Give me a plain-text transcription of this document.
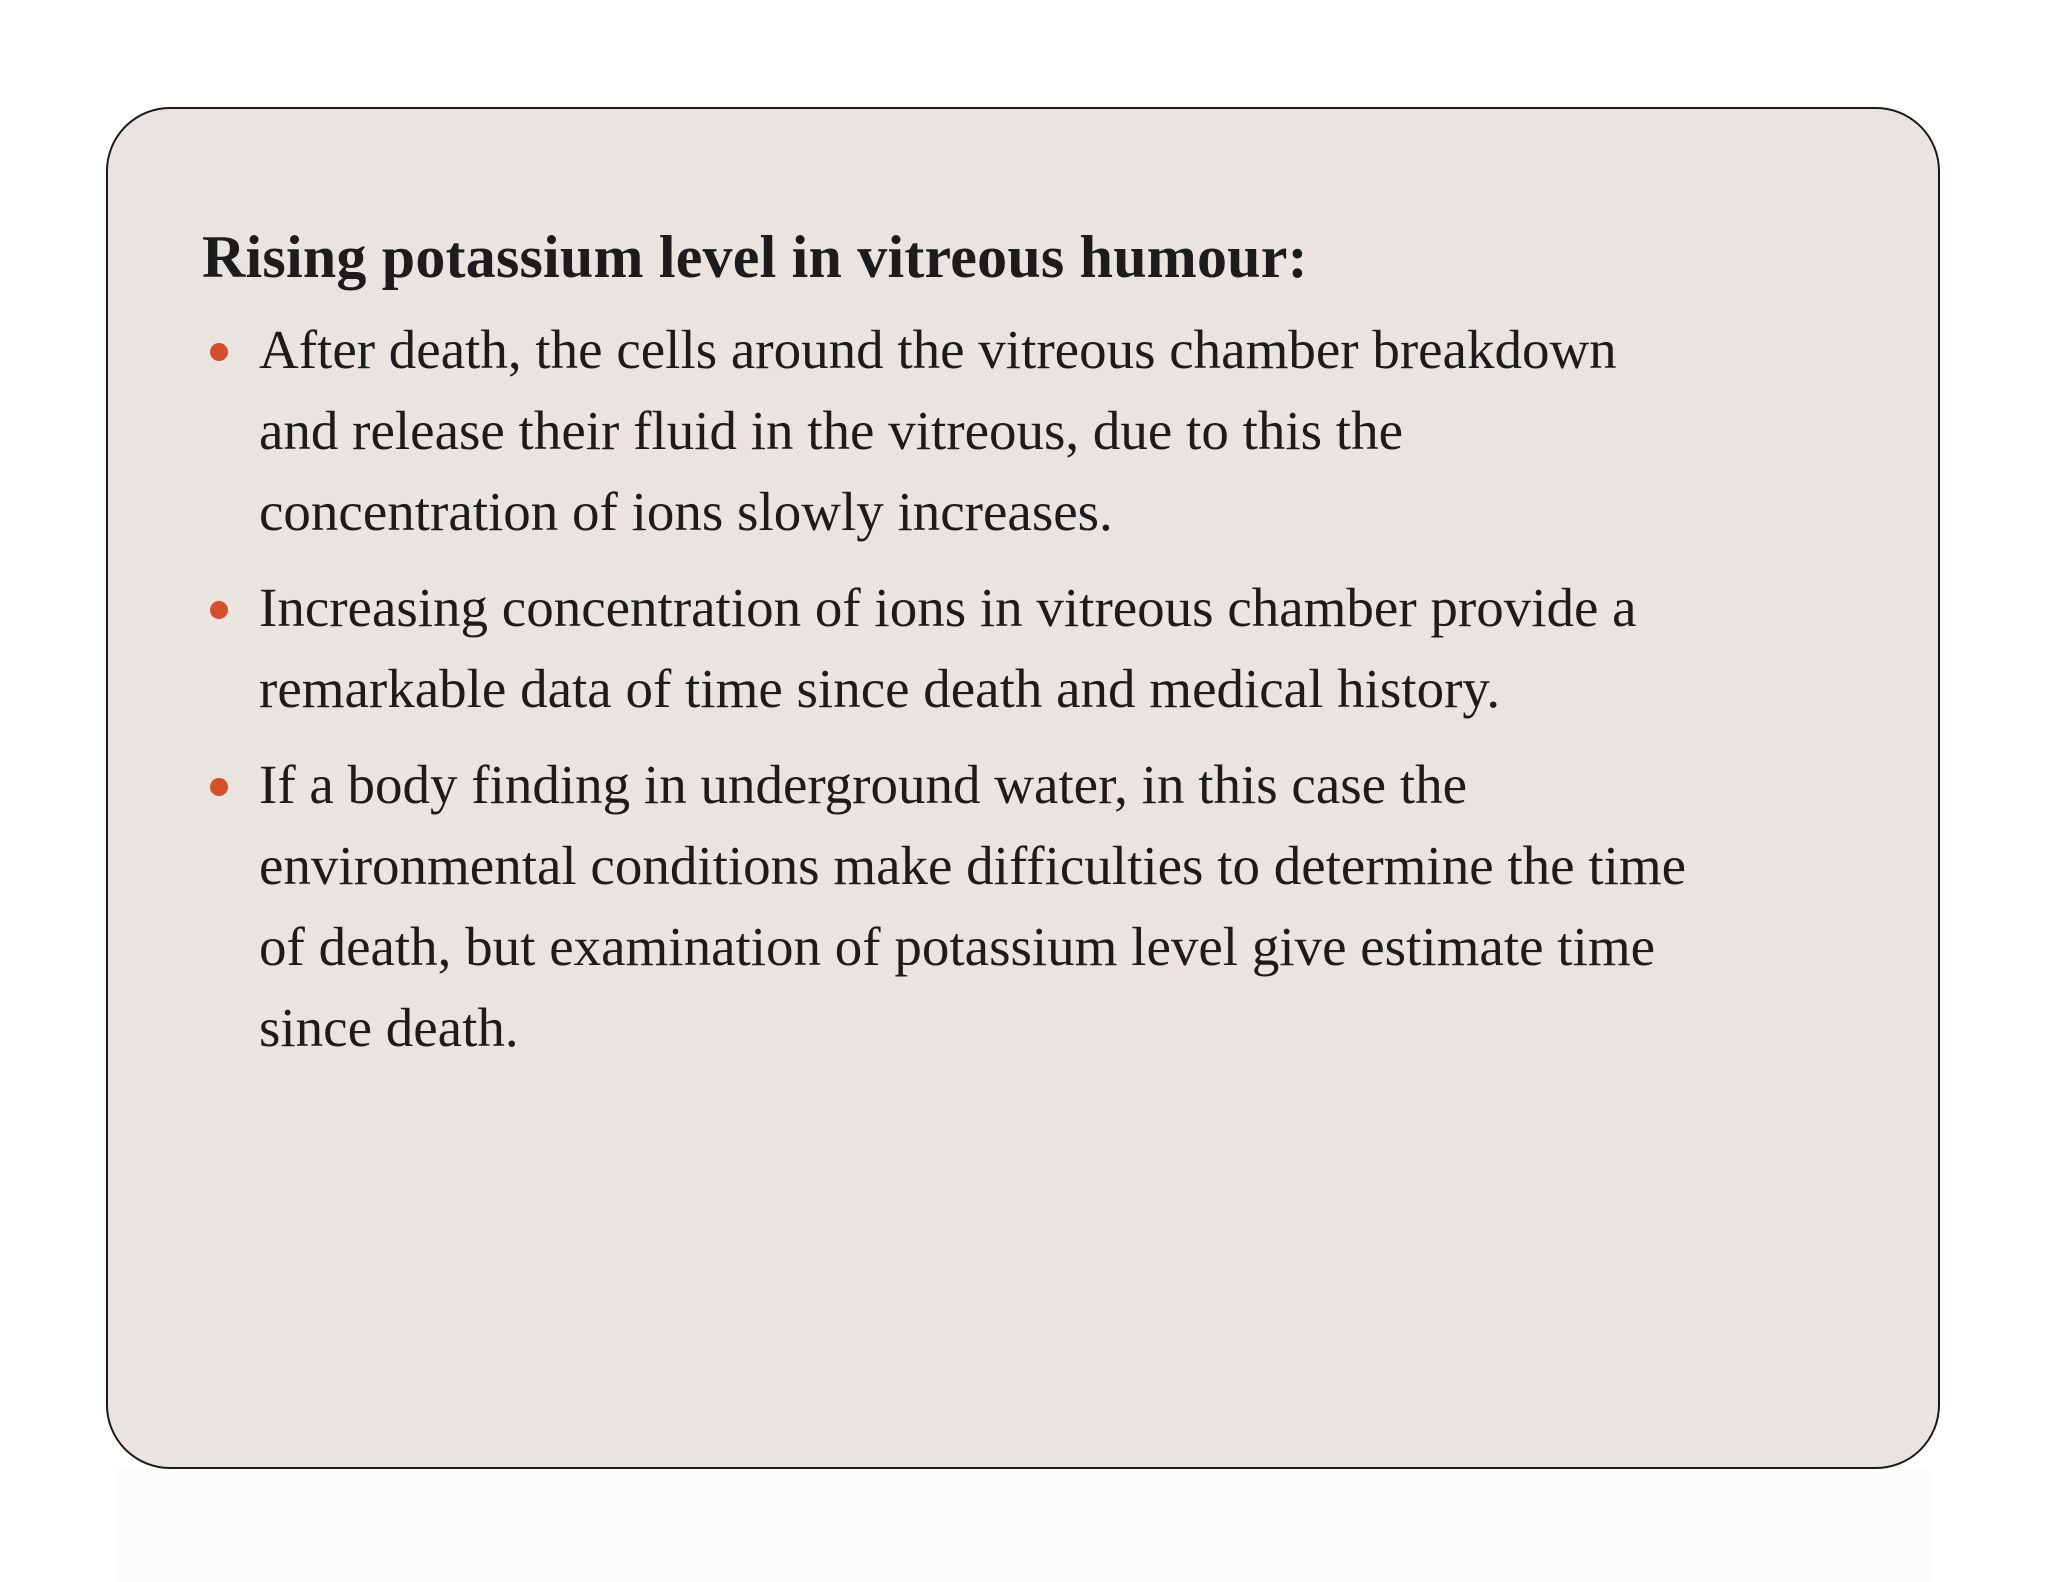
Rising potassium level in vitreous humour:
After death, the cells around the vitreous chamber breakdown
and release their fluid in the vitreous, due to this the
concentration of ions slowly increases.
Increasing concentration of ions in vitreous chamber provide a
remarkable data of time since death and medical history.
If a body finding in underground water, in this case the
environmental conditions make difficulties to determine the time
of death, but examination of potassium level give estimate time
since death.
